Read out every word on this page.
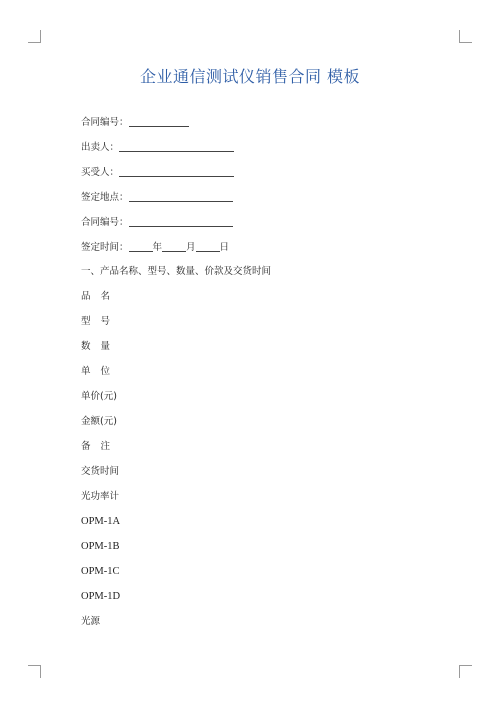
企业通信测试仪销售合同 模板
合同编号：
出卖人：
买受人：
签定地点：
合同编号：
签定时间：	年	月	日
一、产品名称、型号、数量、价款及交货时间
品名
型号
数量
单位
单价(元)
金额(元)
备注
交货时间
光功率计
OPM-1A
OPM-1B
OPM-1C
OPM-1D
光源
